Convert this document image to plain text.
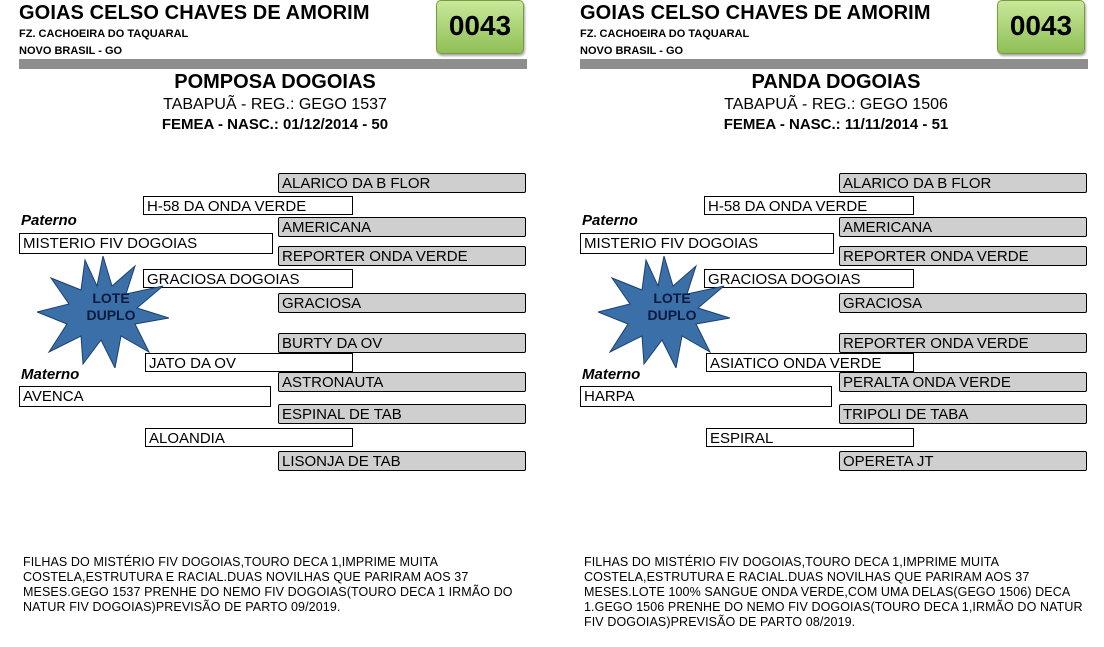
GOIAS CELSO CHAVES DE AMORIM
FZ. CACHOEIRA DO TAQUARAL
NOVO BRASIL - GO
0043
POMPOSA DOGOIAS
TABAPUÃ - REG.: GEGO 1537
FEMEA - NASC.: 01/12/2014 - 50
ALARICO DA B FLOR
H-58 DA ONDA VERDE
Paterno	AMERICANA
MISTERIO FIV DOGOIAS
REPORTER ONDA VERDE
GRACIOSA DOGOIAS
GRACIOSA
LOTE
DUPLO
BURTY DA OV
JATO DA OV
Materno	ASTRONAUTA
AVENCA
ESPINAL DE TAB
ALOANDIA
LISONJA DE TAB
FILHAS DO MISTÉRIO FIV DOGOIAS,TOURO DECA 1,IMPRIME MUITA COSTELA,ESTRUTURA E RACIAL.DUAS NOVILHAS QUE PARIRAM AOS 37 MESES.GEGO 1537 PRENHE DO NEMO FIV DOGOIAS(TOURO DECA 1 IRMÃO DO NATUR FIV DOGOIAS)PREVISÃO DE PARTO 09/2019.
GOIAS CELSO CHAVES DE AMORIM
FZ. CACHOEIRA DO TAQUARAL
NOVO BRASIL - GO
0043
PANDA DOGOIAS
TABAPUÃ - REG.: GEGO 1506
FEMEA - NASC.: 11/11/2014 - 51
ALARICO DA B FLOR
H-58 DA ONDA VERDE
Paterno	AMERICANA
MISTERIO FIV DOGOIAS
REPORTER ONDA VERDE
GRACIOSA DOGOIAS
GRACIOSA
LOTE
DUPLO
REPORTER ONDA VERDE
ASIATICO ONDA VERDE
Materno	PERALTA ONDA VERDE
HARPA
TRIPOLI DE TABA
ESPIRAL
OPERETA JT
FILHAS DO MISTÉRIO FIV DOGOIAS,TOURO DECA 1,IMPRIME MUITA COSTELA,ESTRUTURA E RACIAL.DUAS NOVILHAS QUE PARIRAM AOS 37 MESES.LOTE 100% SANGUE ONDA VERDE,COM UMA DELAS(GEGO 1506) DECA 1.GEGO 1506 PRENHE DO NEMO FIV DOGOIAS(TOURO DECA 1,IRMÃO DO NATUR FIV DOGOIAS)PREVISÃO DE PARTO 08/2019.
